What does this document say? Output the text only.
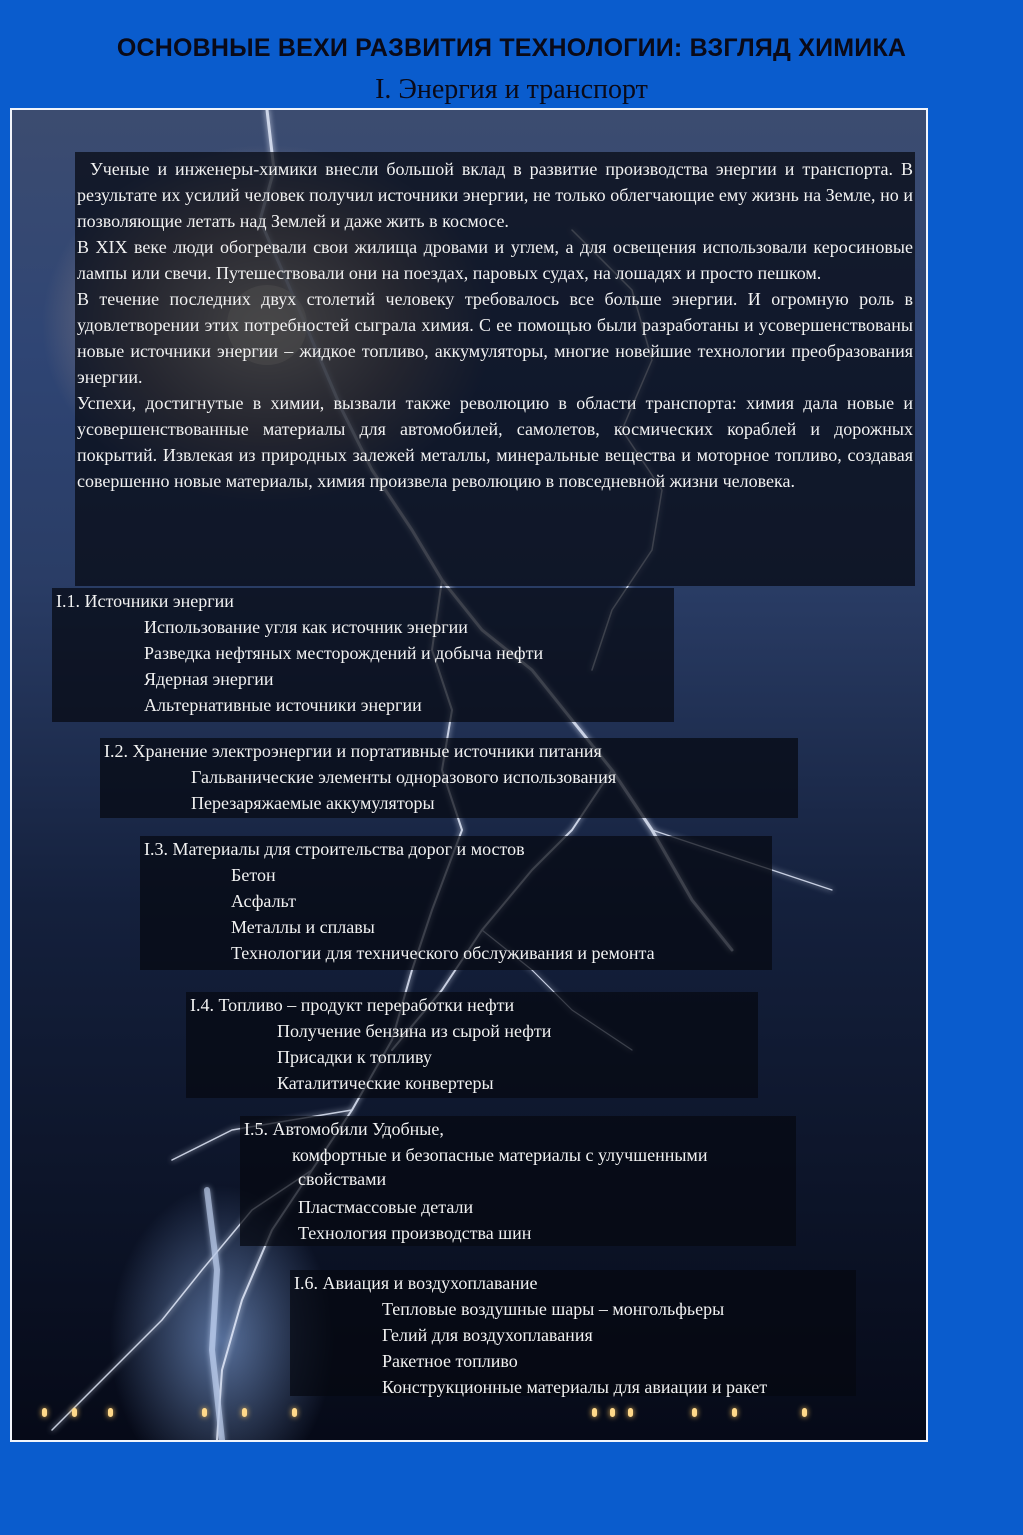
ОСНОВНЫЕ ВЕХИ РАЗВИТИЯ ТЕХНОЛОГИИ: ВЗГЛЯД ХИМИКА
I. Энергия и транспорт

Ученые и инженеры-химики внесли большой вклад в развитие производства энергии и транспорта. В результате их усилий человек получил источники энергии, не только облегчающие ему жизнь на Земле, но и позволяющие летать над Землей и даже жить в космосе.

В XIX веке люди обогревали свои жилища дровами и углем, а для освещения использовали керосиновые лампы или свечи. Путешествовали они на поездах, паровых судах, на лошадях и просто пешком.

В течение последних двух столетий человеку требовалось все больше энергии. И огромную роль в удовлетворении этих потребностей сыграла химия. С ее помощью были разработаны и усовершенствованы новые источники энергии – жидкое топливо, аккумуляторы, многие новейшие технологии преобразования энергии.

Успехи, достигнутые в химии, вызвали также революцию в области транспорта: химия дала новые и усовершенствованные материалы для автомобилей, самолетов, космических кораблей и дорожных покрытий. Извлекая из природных залежей металлы, минеральные вещества и моторное топливо, создавая совершенно новые материалы, химия произвела революцию в повседневной жизни человека.

I.1. Источники энергии
Использование угля как источник энергии
Разведка нефтяных месторождений и добыча нефти
Ядерная энергии
Альтернативные источники энергии
I.2. Хранение электроэнергии и портативные источники питания
Гальванические элементы одноразового использования
Перезаряжаемые аккумуляторы
I.3. Материалы для строительства дорог и мостов
Бетон
Асфальт
Металлы и сплавы
Технологии для технического обслуживания и ремонта
I.4. Топливо – продукт переработки нефти
Получение бензина из сырой нефти
Присадки к топливу
Каталитические конвертеры
I.5. Автомобили Удобные,
комфортные и безопасные материалы с улучшенными
свойствами
Пластмассовые детали
Технология производства шин
I.6. Авиация и воздухоплавание
Тепловые воздушные шары – монгольфьеры
Гелий для воздухоплавания
Ракетное топливо
Конструкционные материалы для авиации и ракет
